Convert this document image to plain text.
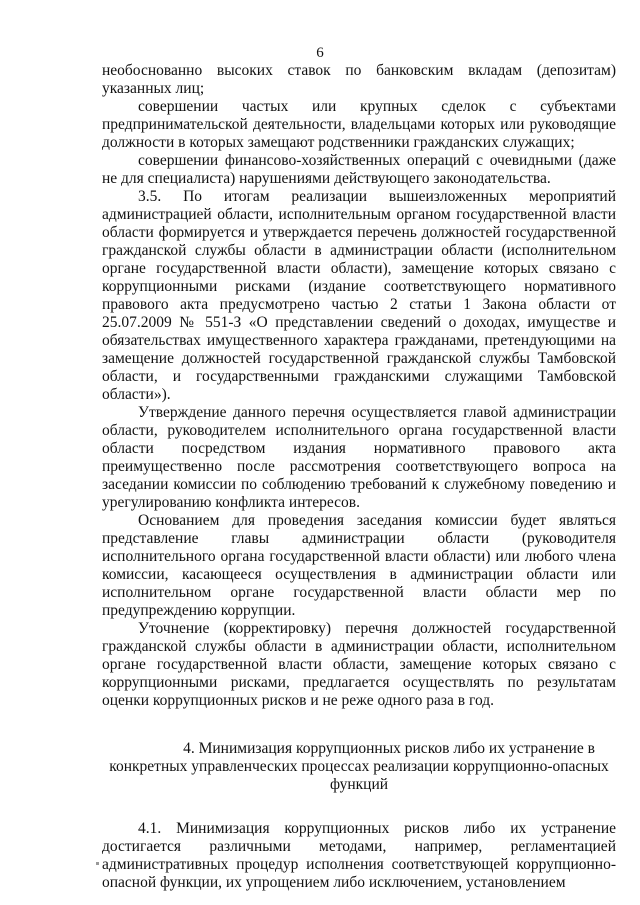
6

необоснованно высоких ставок по банковским вкладам (депозитам) указанных лиц;

совершении частых или крупных сделок с субъектами предпринимательской деятельности, владельцами которых или руководящие должности в которых замещают родственники гражданских служащих;

совершении финансово-хозяйственных операций с очевидными (даже не для специалиста) нарушениями действующего законодательства.

3.5. По итогам реализации вышеизложенных мероприятий администрацией области, исполнительным органом государственной власти области формируется и утверждается перечень должностей государственной гражданской службы области в администрации области (исполнительном органе государственной власти области), замещение которых связано с коррупционными рисками (издание соответствующего нормативного правового акта предусмотрено частью 2 статьи 1 Закона области от 25.07.2009 № 551-З «О представлении сведений о доходах, имуществе и обязательствах имущественного характера гражданами, претендующими на замещение должностей государственной гражданской службы Тамбовской области, и государственными гражданскими служащими Тамбовской области»).

Утверждение данного перечня осуществляется главой администрации области, руководителем исполнительного органа государственной власти области посредством издания нормативного правового акта преимущественно после рассмотрения соответствующего вопроса на заседании комиссии по соблюдению требований к служебному поведению и урегулированию конфликта интересов.

Основанием для проведения заседания комиссии будет являться представление главы администрации области (руководителя исполнительного органа государственной власти области) или любого члена комиссии, касающееся осуществления в администрации области или исполнительном органе государственной власти области мер по предупреждению коррупции.

Уточнение (корректировку) перечня должностей государственной гражданской службы области в администрации области, исполнительном органе государственной власти области, замещение которых связано с коррупционными рисками, предлагается осуществлять по результатам оценки коррупционных рисков и не реже одного раза в год.

4. Минимизация коррупционных рисков либо их устранение в
конкретных управленческих процессах реализации коррупционно-опасных
функций

4.1. Минимизация коррупционных рисков либо их устранение достигается различными методами, например, регламентацией административных процедур исполнения соответствующей коррупционно-опасной функции, их упрощением либо исключением, установлением
